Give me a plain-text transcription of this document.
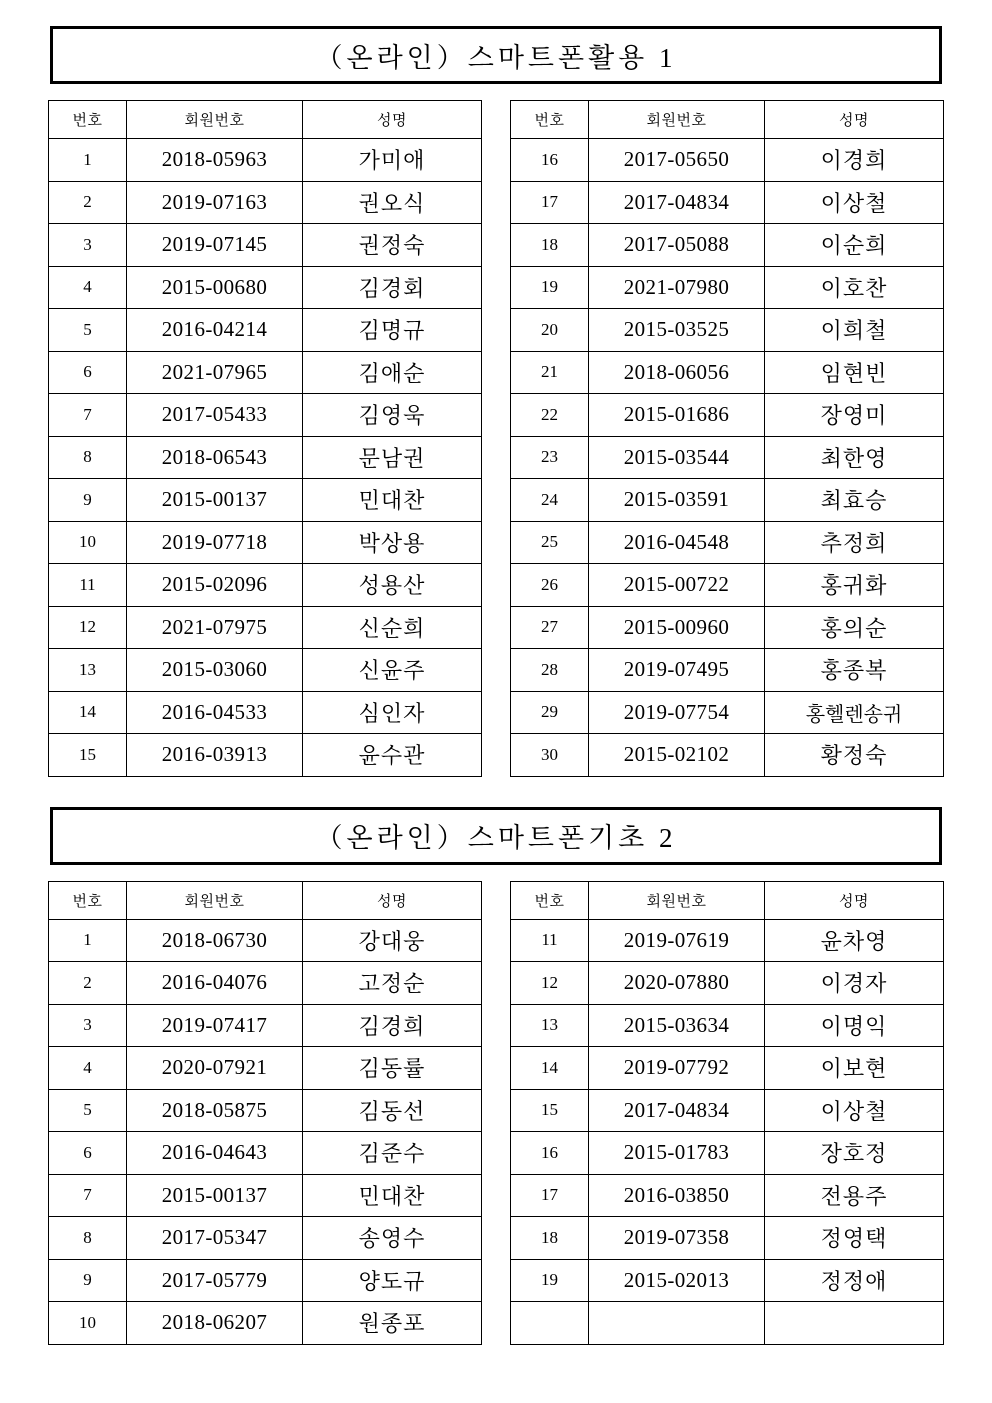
（온라인）스마트폰활용 1
번호	회원번호	성명
1	2018-05963	가미애
2	2019-07163	권오식
3	2019-07145	권정숙
4	2015-00680	김경회
5	2016-04214	김명규
6	2021-07965	김애순
7	2017-05433	김영욱
8	2018-06543	문남권
9	2015-00137	민대찬
10	2019-07718	박상용
11	2015-02096	성용산
12	2021-07975	신순희
13	2015-03060	신윤주
14	2016-04533	심인자
15	2016-03913	윤수관
번호	회원번호	성명
16	2017-05650	이경희
17	2017-04834	이상철
18	2017-05088	이순희
19	2021-07980	이호찬
20	2015-03525	이희철
21	2018-06056	임현빈
22	2015-01686	장영미
23	2015-03544	최한영
24	2015-03591	최효승
25	2016-04548	추정희
26	2015-00722	홍귀화
27	2015-00960	홍의순
28	2019-07495	홍종복
29	2019-07754	홍헬렌송귀
30	2015-02102	황정숙
（온라인）스마트폰기초 2
번호	회원번호	성명
1	2018-06730	강대웅
2	2016-04076	고정순
3	2019-07417	김경희
4	2020-07921	김동률
5	2018-05875	김동선
6	2016-04643	김준수
7	2015-00137	민대찬
8	2017-05347	송영수
9	2017-05779	양도규
10	2018-06207	원종포
번호	회원번호	성명
11	2019-07619	윤차영
12	2020-07880	이경자
13	2015-03634	이명익
14	2019-07792	이보현
15	2017-04834	이상철
16	2015-01783	장호정
17	2016-03850	전용주
18	2019-07358	정영택
19	2015-02013	정정애
